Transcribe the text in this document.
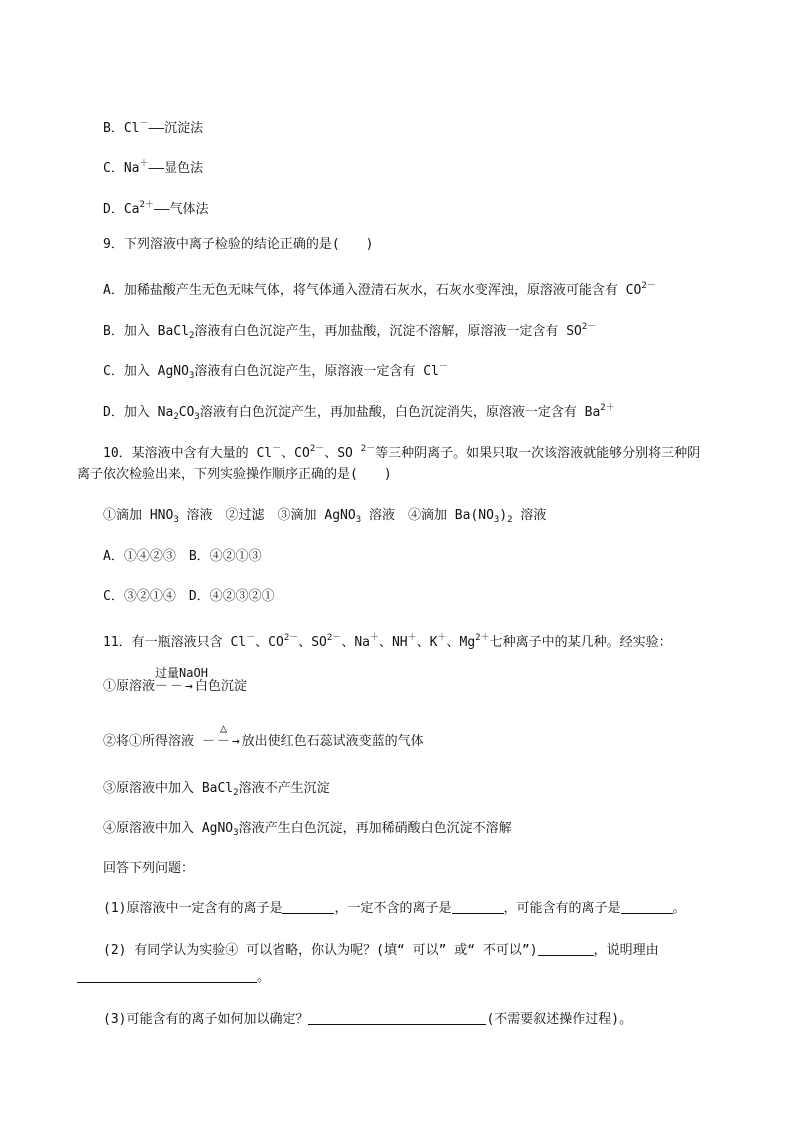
B．Cl－——沉淀法
C．Na＋——显色法
D．$Ca^{2+}——$气体法
9．下列溶液中离子检验的结论正确的是(　　)
A．加稀盐酸产生无色无味气体，将气体通入澄清石灰水，石灰水变浑浊，原溶液可能含有 $CO^{2-}$
B．加入 BaCl$_2$溶液有白色沉淀产生，再加盐酸，沉淀不溶解，原溶液一定含有 $SO^{2-}$
C．加入 AgNO$_3$溶液有白色沉淀产生，原溶液一定含有 Cl－
D．加入 $Na_2CO_3$溶液有白色沉淀产生，再加盐酸，白色沉淀消失，原溶液一定含有 $Ba^{2+}$
10．某溶液中含有大量的 Cl－、$CO^{2-}$、SO $^{2-}$等三种阴离子。如果只取一次该溶液就能够分别将三种阴
离子依次检验出来，下列实验操作顺序正确的是(　　)
①滴加 $HNO_3$ 溶液　②过滤　③滴加 AgNO$_3$ 溶液　④滴加 $Ba(NO_3)_2$ 溶液
A．①④②③　B．④②①③
C．③②①④　D．④②③②①
11．有一瓶溶液只含 Cl－、$CO^{2-}$、$SO^{2-}$、Na＋、NH＋、K＋、$Mg^{2+}$七种离子中的某几种。经实验：
①原溶液
过量NaOH
－－→白色沉淀
②将①所得溶液
△
－－→放出使红色石蕊试液变蓝的气体
③原溶液中加入 BaCl$_2$溶液不产生沉淀
④原溶液中加入 AgNO$_3$溶液产生白色沉淀，再加稀硝酸白色沉淀不溶解
回答下列问题：
(1)原溶液中一定含有的离子是	，一定不含的离子是	，可能含有的离子是	。
(2) 有同学认为实验④ 可以省略，你认为呢？(填“ 可以” 或“ 不可以”)	，说明理由
。
(3)可能含有的离子如何加以确定？	(不需要叙述操作过程)。
